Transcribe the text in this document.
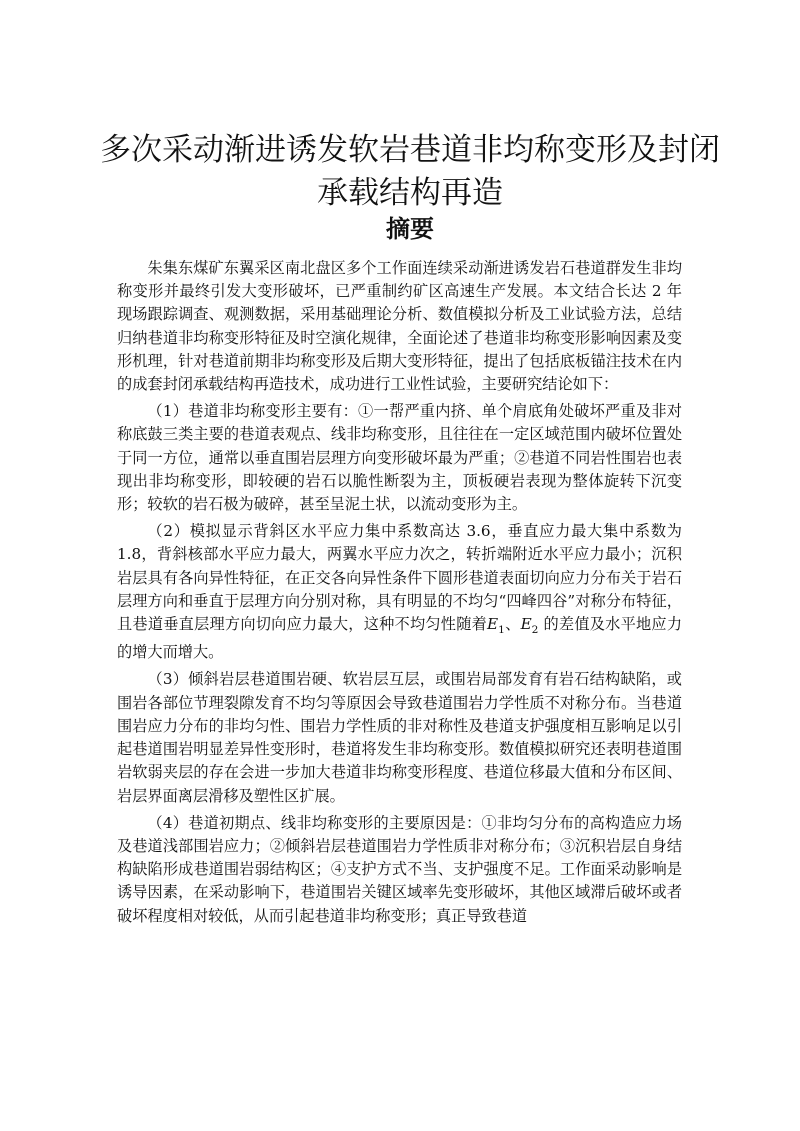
多次采动渐进诱发软岩巷道非均称变形及封闭
承载结构再造
摘要

朱集东煤矿东翼采区南北盘区多个工作面连续采动渐进诱发岩石巷道群发生非均称变形并最终引发大变形破坏，已严重制约矿区高速生产发展。本文结合长达 2 年现场跟踪调查、观测数据，采用基础理论分析、数值模拟分析及工业试验方法，总结归纳巷道非均称变形特征及时空演化规律，全面论述了巷道非均称变形影响因素及变形机理，针对巷道前期非均称变形及后期大变形特征，提出了包括底板锚注技术在内的成套封闭承载结构再造技术，成功进行工业性试验，主要研究结论如下：

（1）巷道非均称变形主要有：①一帮严重内挤、单个肩底角处破坏严重及非对称底鼓三类主要的巷道表观点、线非均称变形，且往往在一定区域范围内破坏位置处于同一方位，通常以垂直围岩层理方向变形破坏最为严重；②巷道不同岩性围岩也表现出非均称变形，即较硬的岩石以脆性断裂为主，顶板硬岩表现为整体旋转下沉变形；较软的岩石极为破碎，甚至呈泥土状，以流动变形为主。

（2）模拟显示背斜区水平应力集中系数高达 3.6，垂直应力最大集中系数为 1.8，背斜核部水平应力最大，两翼水平应力次之，转折端附近水平应力最小；沉积岩层具有各向异性特征，在正交各向异性条件下圆形巷道表面切向应力分布关于岩石层理方向和垂直于层理方向分别对称，具有明显的不均匀“四峰四谷”对称分布特征，且巷道垂直层理方向切向应力最大，这种不均匀性随着$E_1$、$E_2$ 的差值及水平地应力的增大而增大。

（3）倾斜岩层巷道围岩硬、软岩层互层，或围岩局部发育有岩石结构缺陷，或围岩各部位节理裂隙发育不均匀等原因会导致巷道围岩力学性质不对称分布。当巷道围岩应力分布的非均匀性、围岩力学性质的非对称性及巷道支护强度相互影响足以引起巷道围岩明显差异性变形时，巷道将发生非均称变形。数值模拟研究还表明巷道围岩软弱夹层的存在会进一步加大巷道非均称变形程度、巷道位移最大值和分布区间、岩层界面离层滑移及塑性区扩展。

（4）巷道初期点、线非均称变形的主要原因是：①非均匀分布的高构造应力场及巷道浅部围岩应力；②倾斜岩层巷道围岩力学性质非对称分布；③沉积岩层自身结构缺陷形成巷道围岩弱结构区；④支护方式不当、支护强度不足。工作面采动影响是诱导因素，在采动影响下，巷道围岩关键区域率先变形破坏，其他区域滞后破坏或者破坏程度相对较低，从而引起巷道非均称变形；真正导致巷道
